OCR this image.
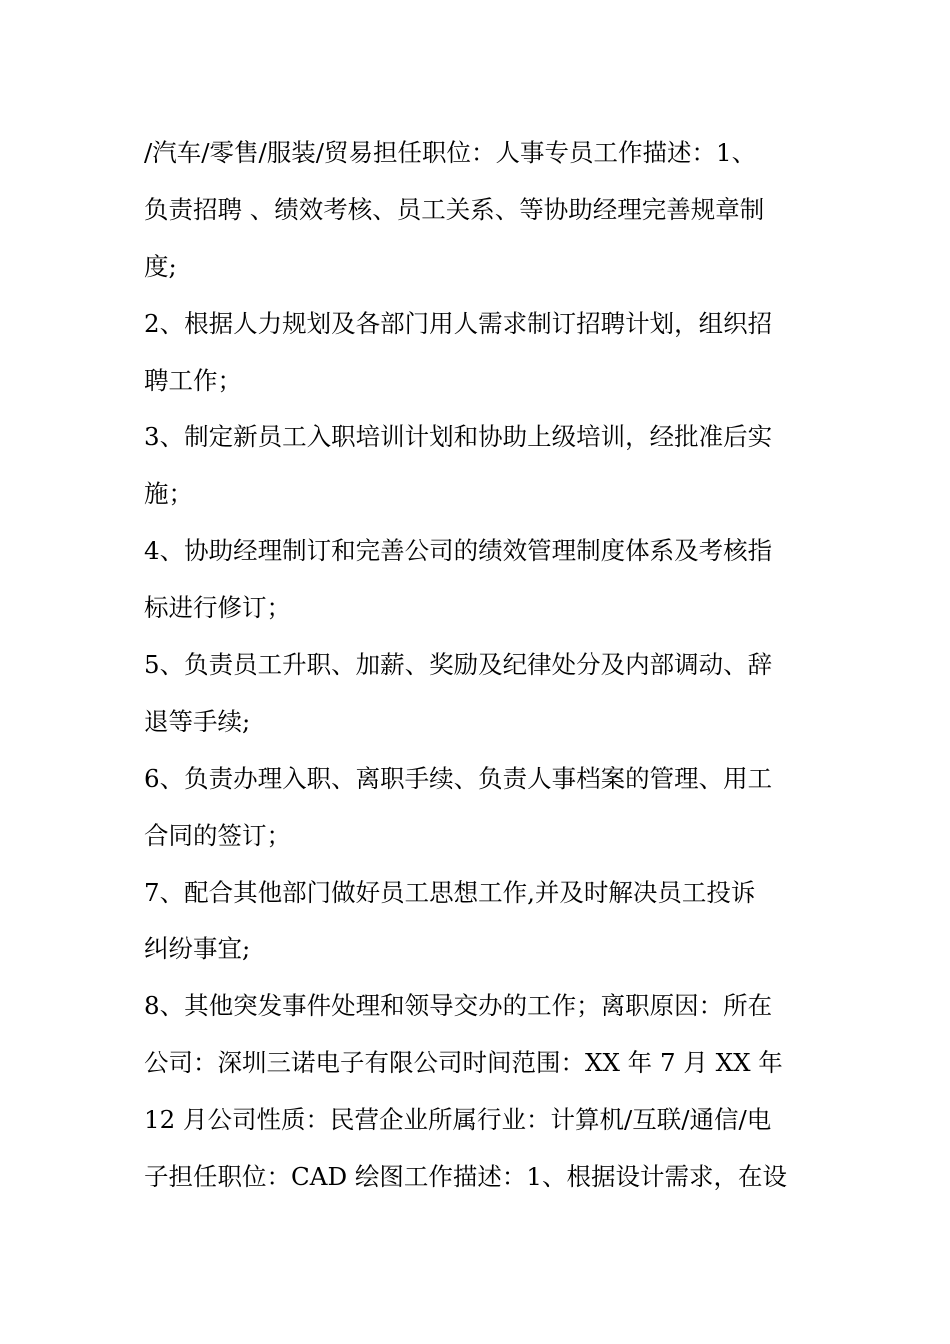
/汽车/零售/服装/贸易担任职位：人事专员工作描述：1、
负责招聘 、绩效考核、员工关系、等协助经理完善规章制
度;
2、根据人力规划及各部门用人需求制订招聘计划，组织招
聘工作；
3、制定新员工入职培训计划和协助上级培训，经批准后实
施；
4、协助经理制订和完善公司的绩效管理制度体系及考核指
标进行修订；
5、负责员工升职、加薪、奖励及纪律处分及内部调动、辞
退等手续;
6、负责办理入职、离职手续、负责人事档案的管理、用工
合同的签订；
7、配合其他部门做好员工思想工作,并及时解决员工投诉
纠纷事宜;
8、其他突发事件处理和领导交办的工作；离职原因：所在
公司：深圳三诺电子有限公司时间范围：XX 年 7 月 XX 年
12 月公司性质：民营企业所属行业：计算机/互联/通信/电
子担任职位：CAD 绘图工作描述：1、根据设计需求，在设
